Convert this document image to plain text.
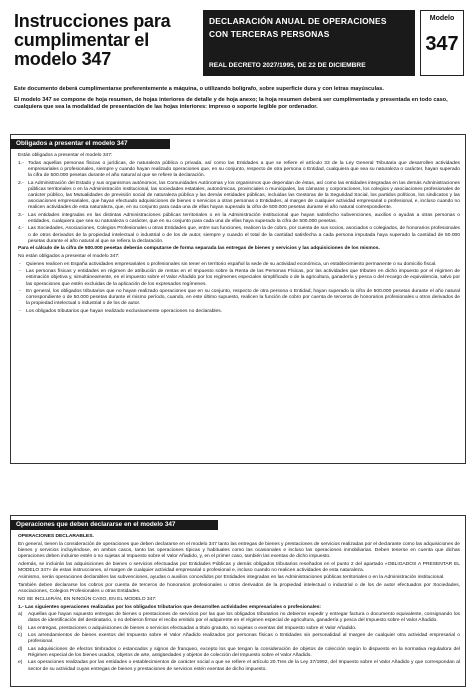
Instrucciones para
cumplimentar el
modelo 347
DECLARACIÓN ANUAL DE OPERACIONES
CON TERCERAS PERSONAS
REAL DECRETO 2027/1995, DE 22 DE DICIEMBRE
Modelo
347

Este documento deberá cumplimentarse preferentemente a máquina, o utilizando bolígrafo, sobre superficie dura y con letras mayúsculas.

El modelo 347 se compone de hoja resumen, de hojas interiores de detalle y de hoja anexo; la hoja resumen deberá ser cumplimentada y presentada en todo caso, cualquiera que sea la modalidad de presentación de las hojas interiores: impreso o soporte legible por ordenador.

Obligados a presentar el modelo 347

Están obligados a presentar el modelo 347:

1.- Todas aquellas personas físicas o jurídicas, de naturaleza pública o privada, así como las Entidades a que se refiere el artículo 33 de la Ley General Tributaria que desarrollen actividades empresariales o profesionales, siempre y cuando hayan realizado operaciones que, en su conjunto, respecto de otra persona o Entidad, cualquiera que sea su naturaleza o carácter, hayan superado la cifra de 500.000 pesetas durante el año natural al que se refiere la declaración.
2.- La Administración del Estado y sus organismos autónomos, las Comunidades Autónomas y los organismos que dependan de éstas, así como las entidades integradas en las demás Administraciones públicas territoriales o en la Administración institucional, las sociedades estatales, autonómicas, provinciales o municipales, las cámaras y corporaciones, los colegios y asociaciones profesionales de carácter público, las Mutualidades de previsión social de naturaleza pública y las demás entidades públicas, incluidas las Gestoras de la Seguridad Social, los partidos políticos, los sindicatos y las asociaciones empresariales, que hayan efectuado adquisiciones de bienes o servicios a otras personas o Entidades, al margen de cualquier actividad empresarial o profesional, e, incluso cuando no realicen actividades de esta naturaleza, que, en su conjunto para cada una de ellas hayan superado la cifra de 500.000 pesetas durante el año natural correspondiente.
3.- Las entidades integradas en las distintas Administraciones públicas territoriales o en la Administración institucional que hayan satisfecho subvenciones, auxilios o ayudas a otras personas o entidades, cualquiera que sea su naturaleza o carácter, que en su conjunto para cada una de ellas haya superado la cifra de 500.000 pesetas.
4.- Las Sociedades, Asociaciones, Colegios Profesionales u otras Entidades que, entre sus funciones, realicen la de cobro, por cuenta de sus socios, asociados o colegiados, de honorarios profesionales o de otros derivados de la propiedad intelectual o industrial o de los de autor, siempre y cuando el total de la cantidad satisfecha a cada persona imputada haya superado la cantidad de 50.000 pesetas durante el año natural al que se refiera la declaración.

Para el cálculo de la cifra de 500.000 pesetas deberán computarse de forma separada las entregas de bienes y servicios y las adquisiciones de los mismos.

No están obligados a presentar el modelo 347:

- Quienes realicen en España actividades empresariales o profesionales sin tener en territorio español la sede de su actividad económica, un establecimiento permanente o su domicilio fiscal.
- Las personas físicas y entidades en régimen de atribución de rentas en el Impuesto sobre la Renta de las Personas Físicas, por las actividades que tributen en dicho impuesto por el régimen de estimación objetiva y, simultáneamente, en el impuesto sobre el Valor Añadido por los regímenes especiales simplificado o de la agricultura, ganadería y pesca o del recargo de equivalencia, salvo por las operaciones que estén excluidas de la aplicación de los expresados regímenes.
- En general, los obligados tributarios que no hayan realizado operaciones que en su conjunto, respecto de otra persona o Entidad, hayan superado la cifra de 500.000 pesetas durante el año natural correspondiente o de 50.000 pesetas durante el mismo período, cuando, en este último supuesto, realicen la función de cobro por cuenta de terceros de honorarios profesionales u otros derivados de la propiedad intelectual o industrial o de los de autor.
- Los obligados tributarios que hayan realizado exclusivamente operaciones no declarables.
Operaciones que deben declararse en el modelo 347

OPERACIONES DECLARABLES.

En general, tienen la consideración de operaciones que deben declararse en el modelo 347 tanto las entregas de bienes y prestaciones de servicios realizadas por el declarante como las adquisiciones de bienes y servicios incluyéndose, en ambos casos, tanto las operaciones típicas y habituales como las ocasionales e incluso las operaciones inmobiliarias. Deben tenerse en cuenta que dichas operaciones deben incluirse estén o no sujetas al Impuesto sobre el Valor Añadido, y, en el primer caso, también las exentas de dicho impuesto.

Además, se incluirán las adquisiciones de bienes o servicios efectuadas por Entidades Públicas y demás obligados tributarios reseñados en el punto 2 del apartado «OBLIGADOS A PRESENTAR EL MODELO 347» de estas instrucciones, al margen de cualquier actividad empresarial o profesional e, incluso cuando no realicen actividades de esta naturaleza.

Asimismo, serán operaciones declarables las subvenciones, ayudas o auxilios concedidos por Entidades integradas en las Administraciones públicas territoriales o en la Administración institucional.

También deben declararse los cobros por cuenta de terceros de honorarios profesionales u otros derivados de la propiedad intelectual o industrial o de los de autor efectuados por Sociedades, Asociaciones, Colegios Profesionales u otras Entidades.

NO SE INCLUIRÁN, EN NINGÚN CASO, EN EL MODELO 347:

1.- Las siguientes operaciones realizadas por los obligados tributarios que desarrollen actividades empresariales o profesionales:

a) Aquellas que hayan supuesto entregas de bienes o prestaciones de servicios por las que los obligados tributarios no debieron expedir y entregar factura o documento equivalente, consignando los datos de identificación del destinatario, o no debieron firmar el recibo emitido por el adquirente en el régimen especial de agricultura, ganadería y pesca del Impuesto sobre el Valor Añadido.
b) Las entregas, prestaciones o adquisiciones de bienes o servicios efectuadas a título gratuito, no sujetas o exentas del Impuesto sobre el Valor Añadido.
c) Los arrendamientos de bienes exentos del Impuesto sobre el Valor Añadido realizados por personas físicas o Entidades sin personalidad al margen de cualquier otra actividad empresarial o profesional.
d) Las adquisiciones de efectos timbrados o estancados y signos de franqueo, excepto los que tengan la consideración de objetos de colección según lo dispuesto en la normativa reguladora del Régimen especial de los bienes usados, objetos de arte, antigüedades y objetos de colección del Impuesto sobre el Valor Añadido.
e) Las operaciones realizadas por las entidades o establecimientos de carácter social a que se refiere el artículo 20.Tres de la Ley 37/1992, del Impuesto sobre el Valor Añadido y que correspondan al sector de su actividad cuyas entregas de bienes y prestaciones de servicios estén exentas de dicho impuesto.
